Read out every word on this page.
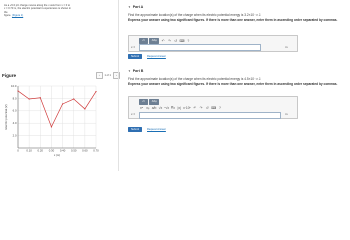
As a +5.0 pC charge moves along the x axis from x = 0 to
x = 0.70 m, the electric potential it experiences is shown in the
figure. (Figure 1)
Figure	‹	1 of 1	›
2.0
4.0
6.0
8.0
10.0
0	0.10 0.20 0.30 0.40 0.50 0.60 0.70
x (m)
Electric potential (V)
▼ Part A
Find the approximate location(s) of the charge when its electric potential energy is 3.2×10⁻¹² J.
Express your answer using two significant figures. If there is more than one answer, enter them in ascending order separated by commas.
√□	AΣφ	↶	↷	↺ ⌨ ?
x =	m
Submit	Request Answer
▼ Part B
Find the approximate location(s) of the charge when its electric potential energy is 4.5×10⁻¹² J.
Express your answer using two significant figures. If there is more than one answer, enter them in ascending order separated by commas.
√□	AΣφ
xᵃ xᵦ a/b √x ⁿ√x ∛x |x| x·10ⁿ ↶	↷	↺ ⌨ ?
x =	m
Submit	Request Answer
